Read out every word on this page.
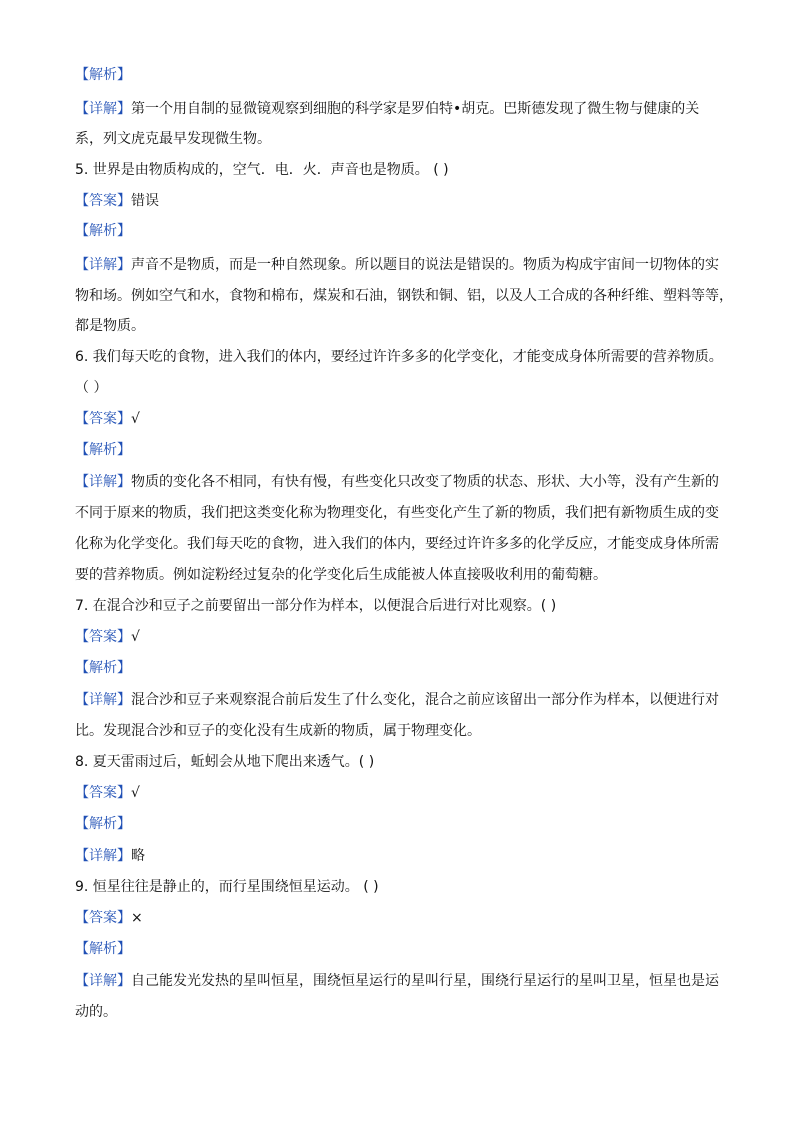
【解析】
【详解】第一个用自制的显微镜观察到细胞的科学家是罗伯特•胡克。巴斯德发现了微生物与健康的关
系，列文虎克最早发现微生物。
5. 世界是由物质构成的，空气．电．火．声音也是物质。 ( )
【答案】错误
【解析】
【详解】声音不是物质，而是一种自然现象。所以题目的说法是错误的。物质为构成宇宙间一切物体的实
物和场。例如空气和水，食物和棉布，煤炭和石油，钢铁和铜、铝，以及人工合成的各种纤维、塑料等等，
都是物质。
6. 我们每天吃的食物，进入我们的体内，要经过许许多多的化学变化，才能变成身体所需要的营养物质。
（ ）
【答案】√
【解析】
【详解】物质的变化各不相同，有快有慢，有些变化只改变了物质的状态、形状、大小等，没有产生新的
不同于原来的物质，我们把这类变化称为物理变化，有些变化产生了新的物质，我们把有新物质生成的变
化称为化学变化。我们每天吃的食物，进入我们的体内，要经过许许多多的化学反应，才能变成身体所需
要的营养物质。例如淀粉经过复杂的化学变化后生成能被人体直接吸收利用的葡萄糖。
7. 在混合沙和豆子之前要留出一部分作为样本，以便混合后进行对比观察。( )
【答案】√
【解析】
【详解】混合沙和豆子来观察混合前后发生了什么变化，混合之前应该留出一部分作为样本，以便进行对
比。发现混合沙和豆子的变化没有生成新的物质，属于物理变化。
8. 夏天雷雨过后，蚯蚓会从地下爬出来透气。( )
【答案】√
【解析】
【详解】略
9. 恒星往往是静止的，而行星围绕恒星运动。 ( )
【答案】×
【解析】
【详解】自己能发光发热的星叫恒星，围绕恒星运行的星叫行星，围绕行星运行的星叫卫星，恒星也是运
动的。
